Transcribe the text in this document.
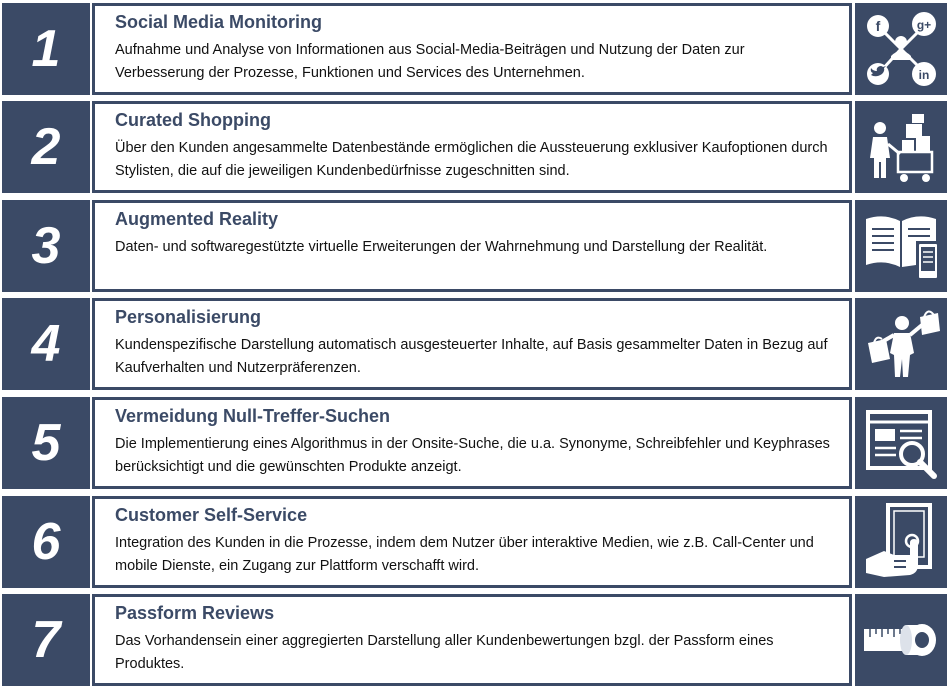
1	Social Media Monitoring
Aufnahme und Analyse von Informationen aus Social-Media-Beiträgen und Nutzung der Daten zur Verbesserung der Prozesse, Funktionen und Services des Unternehmen.
f	g+
in
2	Curated Shopping
Über den Kunden angesammelte Datenbestände ermöglichen die Aussteuerung exklusiver Kaufoptionen durch Stylisten, die auf die jeweiligen Kundenbedürfnisse zugeschnitten sind.
3	Augmented Reality
Daten- und softwaregestützte virtuelle Erweiterungen der Wahrnehmung und Darstellung der Realität.
4	Personalisierung
Kundenspezifische Darstellung automatisch ausgesteuerter Inhalte, auf Basis gesammelter Daten in Bezug auf Kaufverhalten und Nutzerpräferenzen.
5	Vermeidung Null-Treffer-Suchen
Die Implementierung eines Algorithmus in der Onsite-Suche, die u.a. Synonyme, Schreibfehler und Keyphrases berücksichtigt und die gewünschten Produkte anzeigt.
6	Customer Self-Service
Integration des Kunden in die Prozesse, indem dem Nutzer über interaktive Medien, wie z.B. Call-Center und mobile Dienste, ein Zugang zur Plattform verschafft wird.
7	Passform Reviews
Das Vorhandensein einer aggregierten Darstellung aller Kundenbewertungen bzgl. der Passform eines Produktes.
